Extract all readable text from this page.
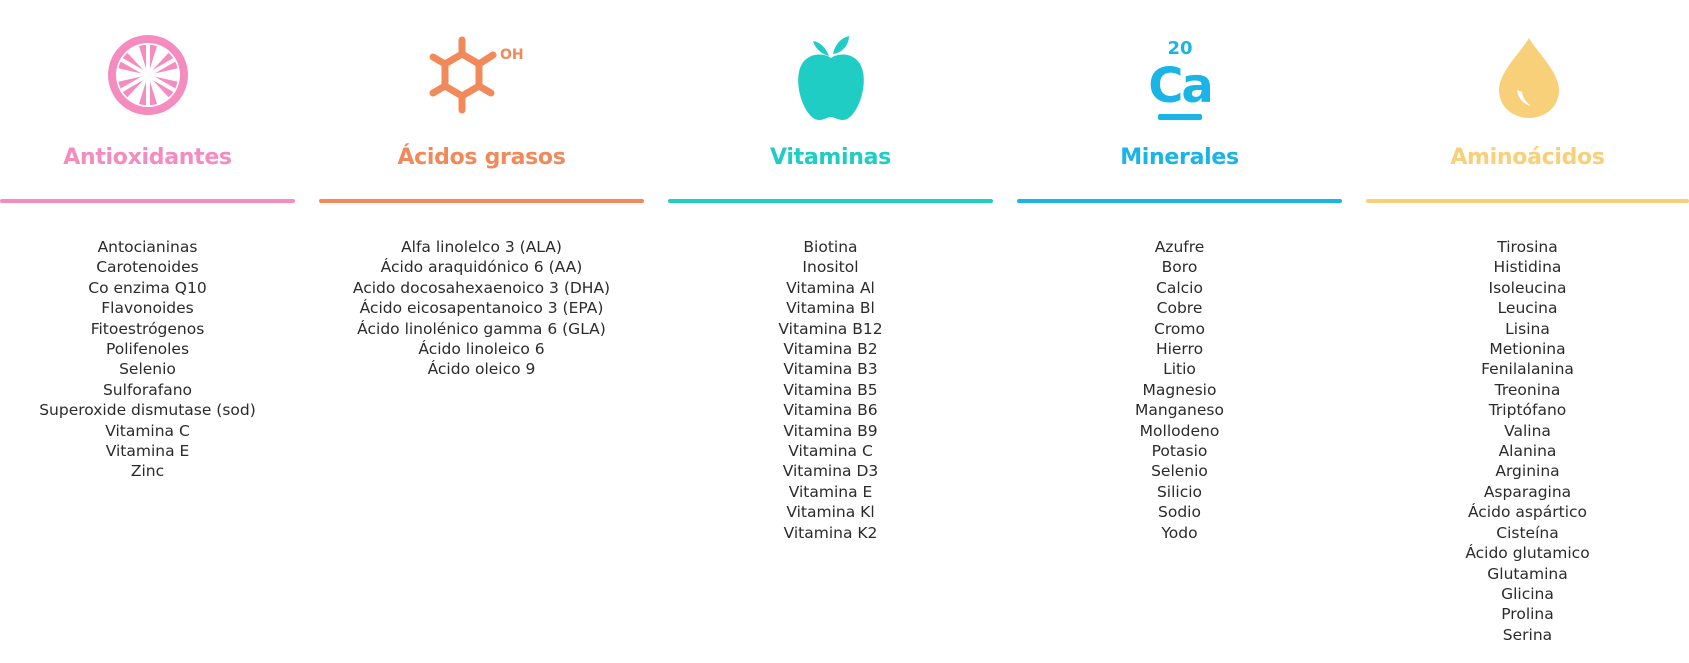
Antioxidantes
Antocianinas
Carotenoides
Co enzima Q10
Flavonoides
Fitoestrógenos
Polifenoles
Selenio
Sulforafano
Superoxide dismutase (sod)
Vitamina C
Vitamina E
Zinc
OH
Ácidos grasos
Alfa linolelco 3 (ALA)
Ácido araquidónico 6 (AA)
Acido docosahexaenoico 3 (DHA)
Ácido eicosapentanoico 3 (EPA)
Ácido linolénico gamma 6 (GLA)
Ácido linoleico 6
Ácido oleico 9
Vitaminas
Biotina
Inositol
Vitamina Al
Vitamina Bl
Vitamina B12
Vitamina B2
Vitamina B3
Vitamina B5
Vitamina B6
Vitamina B9
Vitamina C
Vitamina D3
Vitamina E
Vitamina Kl
Vitamina K2
20
Ca
Minerales
Azufre
Boro
Calcio
Cobre
Cromo
Hierro
Litio
Magnesio
Manganeso
Mollodeno
Potasio
Selenio
Silicio
Sodio
Yodo
Aminoácidos
Tirosina
Histidina
Isoleucina
Leucina
Lisina
Metionina
Fenilalanina
Treonina
Triptófano
Valina
Alanina
Arginina
Asparagina
Ácido aspártico
Cisteína
Ácido glutamico
Glutamina
Glicina
Prolina
Serina
